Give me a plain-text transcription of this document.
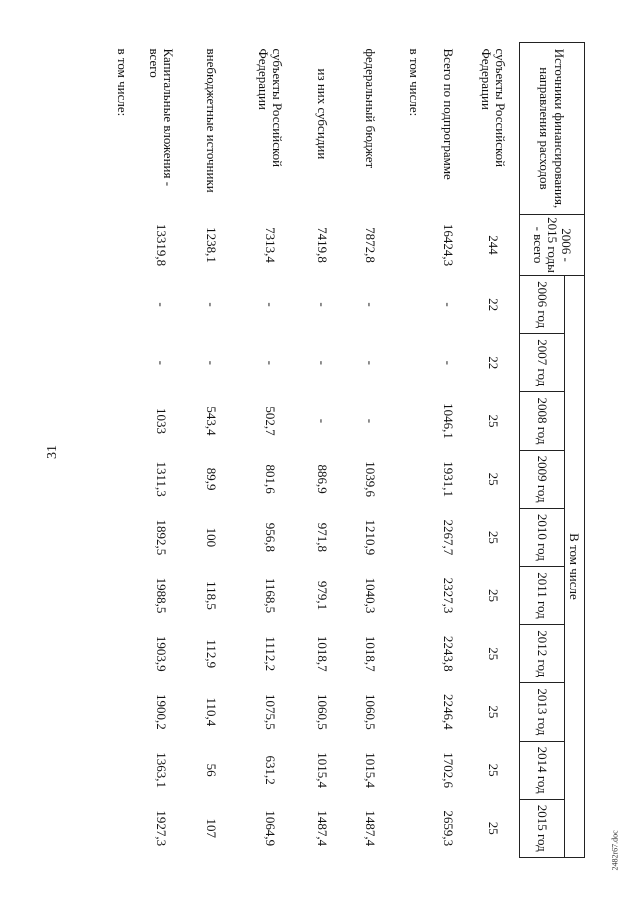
31
2482r67.doc
Источники финансирования, направления расходов	2006 - 2015 годы - всего	В том числе									
		2006 год	2007 год	2008 год	2009 год	2010 год	2011 год	2012 год	2013 год	2014 год	2015 год
субъекты Российской Федерации	244	22	22	25	25	25	25	25	25	25	25
Всего по подпрограмме	16424,3	-	-	1046,1	1931,1	2267,7	2327,3	2243,8	2246,4	1702,6	2659,3
в том числе:											
федеральный бюджет	7872,8	-	-	-	1039,6	1210,9	1040,3	1018,7	1060,5	1015,4	1487,4
из них субсидии	7419,8	-	-	-	886,9	971,8	979,1	1018,7	1060,5	1015,4	1487,4
субъекты Российской Федерации	7313,4	-	-	502,7	801,6	956,8	1168,5	1112,2	1075,5	631,2	1064,9
внебюджетные источники	1238,1	-	-	543,4	89,9	100	118,5	112,9	110,4	56	107
Капитальные вложения - всего	13319,8	-	-	1033	1311,3	1892,5	1988,5	1903,9	1900,2	1363,1	1927,3
в том числе:											
